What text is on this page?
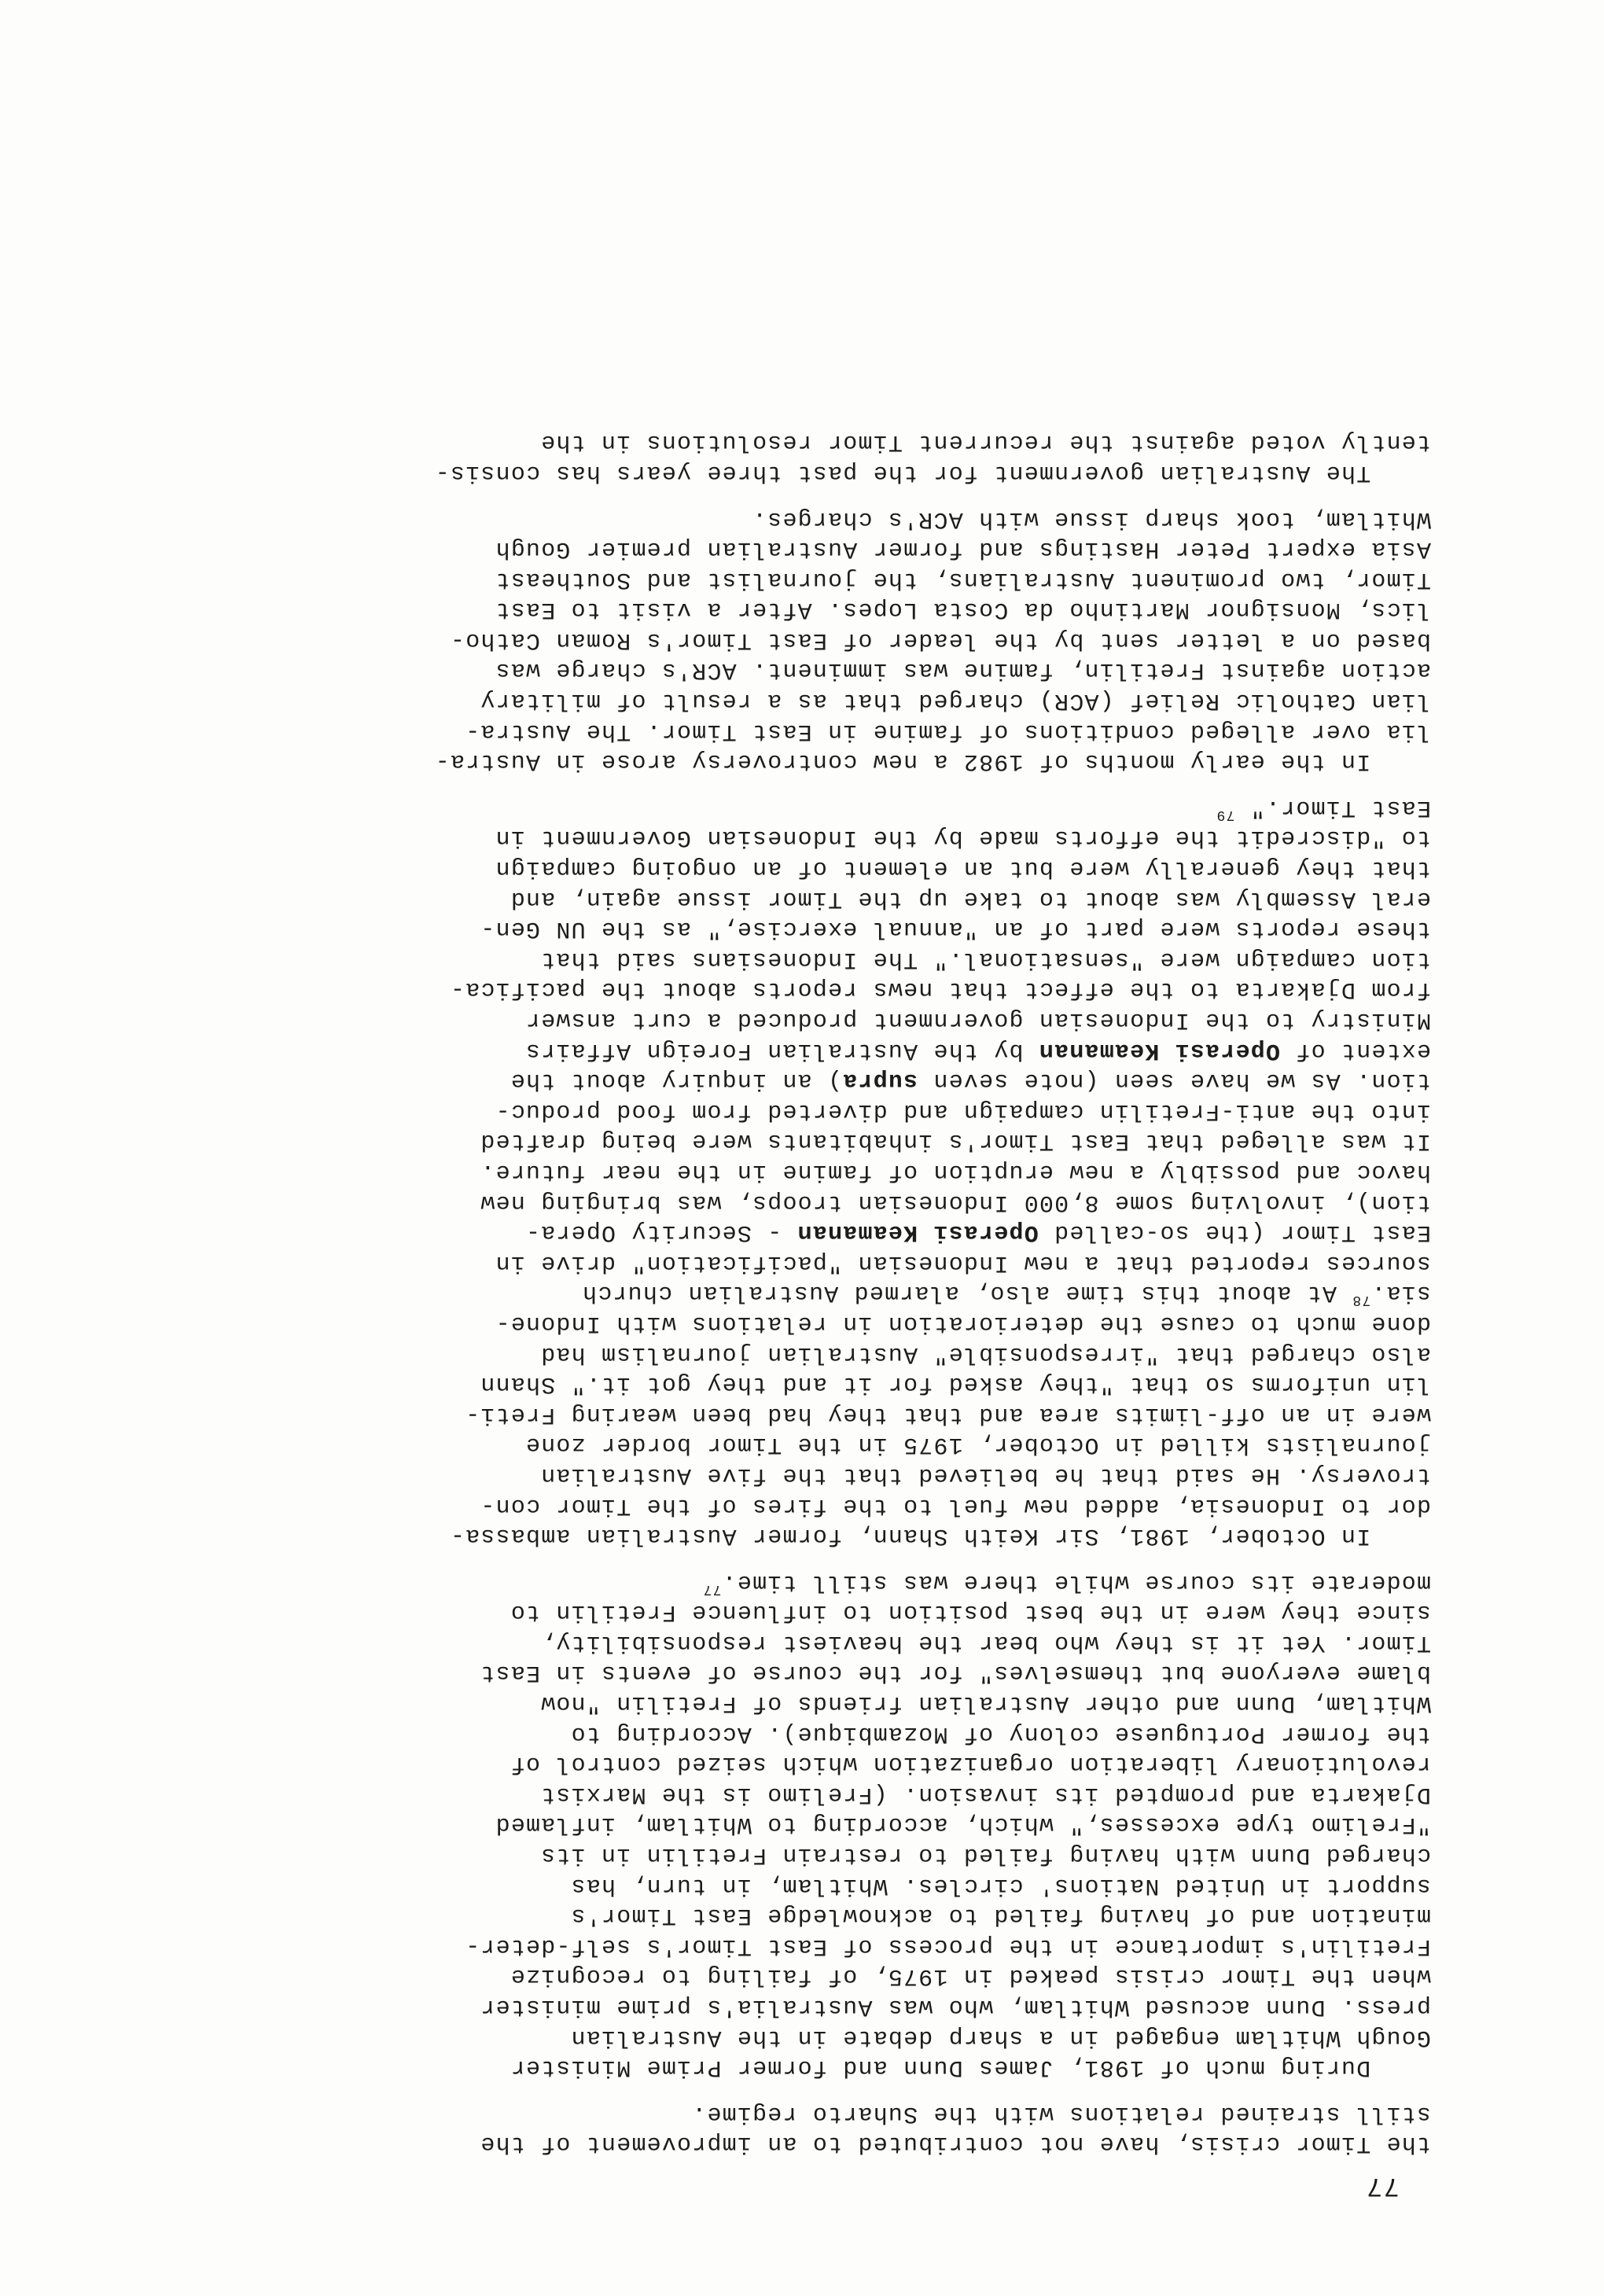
77
the Timor crisis, have not contributed to an improvement of the
still strained relations with the Suharto regime.
During much of 1981, James Dunn and former Prime Minister
Gough Whitlam engaged in a sharp debate in the Australian
press. Dunn accused Whitlam, who was Australia's prime minister
when the Timor crisis peaked in 1975, of failing to recognize
Fretilin's importance in the process of East Timor's self-deter-
mination and of having failed to acknowledge East Timor's
support in United Nations' circles. Whitlam, in turn, has
charged Dunn with having failed to restrain Fretilin in its
"Frelimo type excesses," which, according to Whitlam, inflamed
Djakarta and prompted its invasion. (Frelimo is the Marxist
revolutionary liberation organization which seized control of
the former Portuguese colony of Mozambique). According to
Whitlam, Dunn and other Australian friends of Fretilin "now
blame everyone but themselves" for the course of events in East
Timor. Yet it is they who bear the heaviest responsibility,
since they were in the best position to influence Fretilin to
moderate its course while there was still time.$^{77}$
In October, 1981, Sir Keith Shann, former Australian ambassa-
dor to Indonesia, added new fuel to the fires of the Timor con-
troversy. He said that he believed that the five Australian
journalists killed in October, 1975 in the Timor border zone
were in an off-limits area and that they had been wearing Freti-
lin uniforms so that "they asked for it and they got it." Shann
also charged that "irresponsible" Australian journalism had
done much to cause the deterioration in relations with Indone-
sia.$^{78}$ At about this time also, alarmed Australian church
sources reported that a new Indonesian "pacification" drive in
East Timor (the so-called Operasi Keamanan - Security Opera-
tion), involving some 8,000 Indonesian troops, was bringing new
havoc and possibly a new eruption of famine in the near future.
It was alleged that East Timor's inhabitants were being drafted
into the anti-Fretilin campaign and diverted from food produc-
tion. As we have seen (note seven supra) an inquiry about the
extent of Operasi Keamanan by the Australian Foreign Affairs
Ministry to the Indonesian government produced a curt answer
from Djakarta to the effect that news reports about the pacifica-
tion campaign were "sensational." The Indonesians said that
these reports were part of an "annual exercise," as the UN Gen-
eral Assembly was about to take up the Timor issue again, and
that they generally were but an element of an ongoing campaign
to "discredit the efforts made by the Indonesian Government in
East Timor." $^{79}$
In the early months of 1982 a new controversy arose in Austra-
lia over alleged conditions of famine in East Timor. The Austra-
lian Catholic Relief (ACR) charged that as a result of military
action against Fretilin, famine was imminent. ACR's charge was
based on a letter sent by the leader of East Timor's Roman Catho-
lics, Monsignor Martinho da Costa Lopes. After a visit to East
Timor, two prominent Australians, the journalist and Southeast
Asia expert Peter Hastings and former Australian premier Gough
Whitlam, took sharp issue with ACR's charges.
The Australian government for the past three years has consis-
tently voted against the recurrent Timor resolutions in the
